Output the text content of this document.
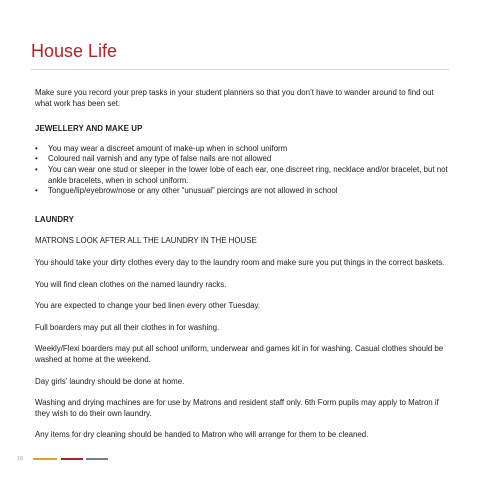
House Life

Make sure you record your prep tasks in your student planners so that you don’t have to wander around to find out what work has been set.

JEWELLERY AND MAKE UP
• You may wear a discreet amount of make-up when in school uniform
• Coloured nail varnish and any type of false nails are not allowed
• You can wear one stud or sleeper in the lower lobe of each ear, one discreet ring, necklace and/or bracelet, but not ankle bracelets, when in school uniform.
• Tongue/lip/eyebrow/nose or any other “unusual” piercings are not allowed in school
LAUNDRY

MATRONS LOOK AFTER ALL THE LAUNDRY IN THE HOUSE

You should take your dirty clothes every day to the laundry room and make sure you put things in the correct baskets.

You will find clean clothes on the named laundry racks.

You are expected to change your bed linen every other Tuesday.

Full boarders may put all their clothes in for washing.

Weekly/Flexi boarders may put all school uniform, underwear and games kit in for washing. Casual clothes should be washed at home at the weekend.

Day girls’ laundry should be done at home.

Washing and drying machines are for use by Matrons and resident staff only. 6th Form pupils may apply to Matron if they wish to do their own laundry.

Any items for dry cleaning should be handed to Matron who will arrange for them to be cleaned.

16
